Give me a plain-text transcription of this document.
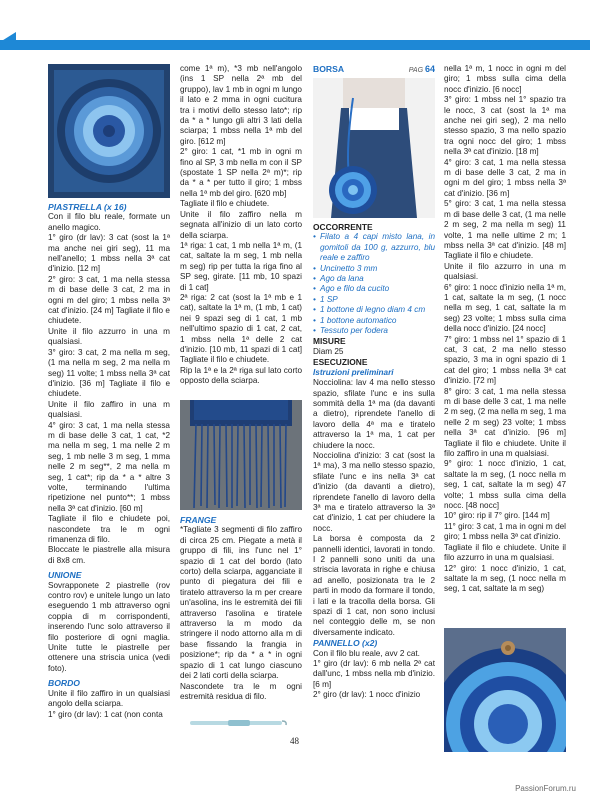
PIASTRELLA (x 16)

Con il filo blu reale, formate un anello magico.

1° giro (dr lav): 3 cat (sost la 1ª ma anche nei giri seg), 11 ma nell'anello; 1 mbss nella 3ª cat d'inizio. [12 m]

2° giro: 3 cat, 1 ma nella stessa m di base delle 3 cat, 2 ma in ogni m del giro; 1 mbss nella 3ª cat d'inizio. [24 m] Tagliate il filo e chiudete.

Unite il filo azzurro in una m qualsiasi.

3° giro: 3 cat, 2 ma nella m seg, (1 ma nella m seg, 2 ma nella m seg) 11 volte; 1 mbss nella 3ª cat d'inizio. [36 m] Tagliate il filo e chiudete.

Unite il filo zaffiro in una m qualsiasi.

4° giro: 3 cat, 1 ma nella stessa m di base delle 3 cat, 1 cat, *2 ma nella m seg, 1 ma nelle 2 m seg, 1 mb nelle 3 m seg, 1 mma nelle 2 m seg**, 2 ma nella m seg, 1 cat*; rip da * a * altre 3 volte, terminando l'ultima ripetizione nel punto**; 1 mbss nella 3ª cat d'inizio. [60 m]

Tagliate il filo e chiudete poi, nascondete tra le m ogni rimanenza di filo.

Bloccate le piastrelle alla misura di 8x8 cm.

UNIONE

Sovrapponete 2 piastrelle (rov contro rov) e unitele lungo un lato eseguendo 1 mb attraverso ogni coppia di m corrispondenti, inserendo l'unc solo attraverso il filo posteriore di ogni maglia. Unite tutte le piastrelle per ottenere una striscia unica (vedi foto).

BORDO

Unite il filo zaffiro in un qualsiasi angolo della sciarpa.

1° giro (dr lav): 1 cat (non conta

come 1ª m), *3 mb nell'angolo (ins 1 SP nella 2ª mb del gruppo), lav 1 mb in ogni m lungo il lato e 2 mma in ogni cucitura tra i motivi dello stesso lato*; rip da * a * lungo gli altri 3 lati della sciarpa; 1 mbss nella 1ª mb del giro. [612 m]

2° giro: 1 cat, *1 mb in ogni m fino al SP, 3 mb nella m con il SP (spostate 1 SP nella 2ª m)*; rip da * a * per tutto il giro; 1 mbss nella 1ª mb del giro. [620 mb]

Tagliate il filo e chiudete.

Unite il filo zaffiro nella m segnata all'inizio di un lato corto della sciarpa.

1ª riga: 1 cat, 1 mb nella 1ª m, (1 cat, saltate la m seg, 1 mb nella m seg) rip per tutta la riga fino al SP seg, girate. [11 mb, 10 spazi di 1 cat]

2ª riga: 2 cat (sost la 1ª mb e 1 cat), saltate la 1ª m, (1 mb, 1 cat) nei 9 spazi seg di 1 cat, 1 mb nell'ultimo spazio di 1 cat, 2 cat, 1 mbss nella 1ª delle 2 cat d'inizio. [10 mb, 11 spazi di 1 cat] Tagliate il filo e chiudete.

Rip la 1ª e la 2ª riga sul lato corto opposto della sciarpa.

FRANGE

*Tagliate 3 segmenti di filo zaffiro di circa 25 cm. Piegate a metà il gruppo di fili, ins l'unc nel 1° spazio di 1 cat del bordo (lato corto) della sciarpa, agganciate il punto di piegatura dei fili e tiratelo attraverso la m per creare un'asolina, ins le estremità dei fili attraverso l'asolina e tiratele attraverso la m modo da stringere il nodo attorno alla m di base fissando la frangia in posizione*; rip da * a * in ogni spazio di 1 cat lungo ciascuno dei 2 lati corti della sciarpa.

Nascondete tra le m ogni estremità residua di filo.

BORSA	PAG 64

OCCORRENTE

• Filato a 4 capi misto lana, in gomitoli da 100 g, azzurro, blu reale e zaffiro
• Uncinetto 3 mm
• Ago da lana
• Ago e filo da cucito
• 1 SP
• 1 bottone di legno diam 4 cm
• 1 bottone automatico
• Tessuto per fodera

MISURE

Diam 25

ESECUZIONE

Istruzioni preliminari

Nocciolina: lav 4 ma nello stesso spazio, sfilate l'unc e ins sulla sommità della 1ª ma (da davanti a dietro), riprendete l'anello di lavoro della 4ª ma e tiratelo attraverso la 1ª ma, 1 cat per chiudere la nocc.

Nocciolina d'inizio: 3 cat (sost la 1ª ma), 3 ma nello stesso spazio, sfilate l'unc e ins nella 3ª cat d'inizio (da davanti a dietro), riprendete l'anello di lavoro della 3ª ma e tiratelo attraverso la 3ª cat d'inizio, 1 cat per chiudere la nocc.

La borsa è composta da 2 pannelli identici, lavorati in tondo. I 2 pannelli sono uniti da una striscia lavorata in righe e chiusa ad anello, posizionata tra le 2 parti in modo da formare il tondo, i lati e la tracolla della borsa. Gli spazi di 1 cat, non sono inclusi nel conteggio delle m, se non diversamente indicato.

PANNELLO (x2)

Con il filo blu reale, avv 2 cat.

1° giro (dr lav): 6 mb nella 2ª cat dall'unc, 1 mbss nella mb d'inizio. [6 m]

2° giro (dr lav): 1 nocc d'inizio

nella 1ª m, 1 nocc in ogni m del giro; 1 mbss sulla cima della nocc d'inizio. [6 nocc]

3° giro: 1 mbss nel 1° spazio tra le nocc, 3 cat (sost la 1ª ma anche nei giri seg), 2 ma nello stesso spazio, 3 ma nello spazio tra ogni nocc del giro; 1 mbss nella 3ª cat d'inizio. [18 m]

4° giro: 3 cat, 1 ma nella stessa m di base delle 3 cat, 2 ma in ogni m del giro; 1 mbss nella 3ª cat d'inizio. [36 m]

5° giro: 3 cat, 1 ma nella stessa m di base delle 3 cat, (1 ma nelle 2 m seg, 2 ma nella m seg) 11 volte, 1 ma nelle ultime 2 m; 1 mbss nella 3ª cat d'inizio. [48 m] Tagliate il filo e chiudete.

Unite il filo azzurro in una m qualsiasi.

6° giro: 1 nocc d'inizio nella 1ª m, 1 cat, saltate la m seg, (1 nocc nella m seg, 1 cat, saltate la m seg) 23 volte; 1 mbss sulla cima della nocc d'inizio. [24 nocc]

7° giro: 1 mbss nel 1° spazio di 1 cat, 3 cat, 2 ma nello stesso spazio, 3 ma in ogni spazio di 1 cat del giro; 1 mbss nella 3ª cat d'inizio. [72 m]

8° giro: 3 cat, 1 ma nella stessa m di base delle 3 cat, 1 ma nelle 2 m seg, (2 ma nella m seg, 1 ma nelle 2 m seg) 23 volte; 1 mbss nella 3ª cat d'inizio. [96 m] Tagliate il filo e chiudete. Unite il filo zaffiro in una m qualsiasi.

9° giro: 1 nocc d'inizio, 1 cat, saltate la m seg, (1 nocc nella m seg, 1 cat, saltate la m seg) 47 volte; 1 mbss sulla cima della nocc. [48 nocc]

10° giro: rip il 7° giro. [144 m]

11° giro: 3 cat, 1 ma in ogni m del giro; 1 mbss nella 3ª cat d'inizio.

Tagliate il filo e chiudete. Unite il filo azzurro in una m qualsiasi.

12° giro: 1 nocc d'inizio, 1 cat, saltate la m seg, (1 nocc nella m seg, 1 cat, saltate la m seg)

48
PassionForum.ru
